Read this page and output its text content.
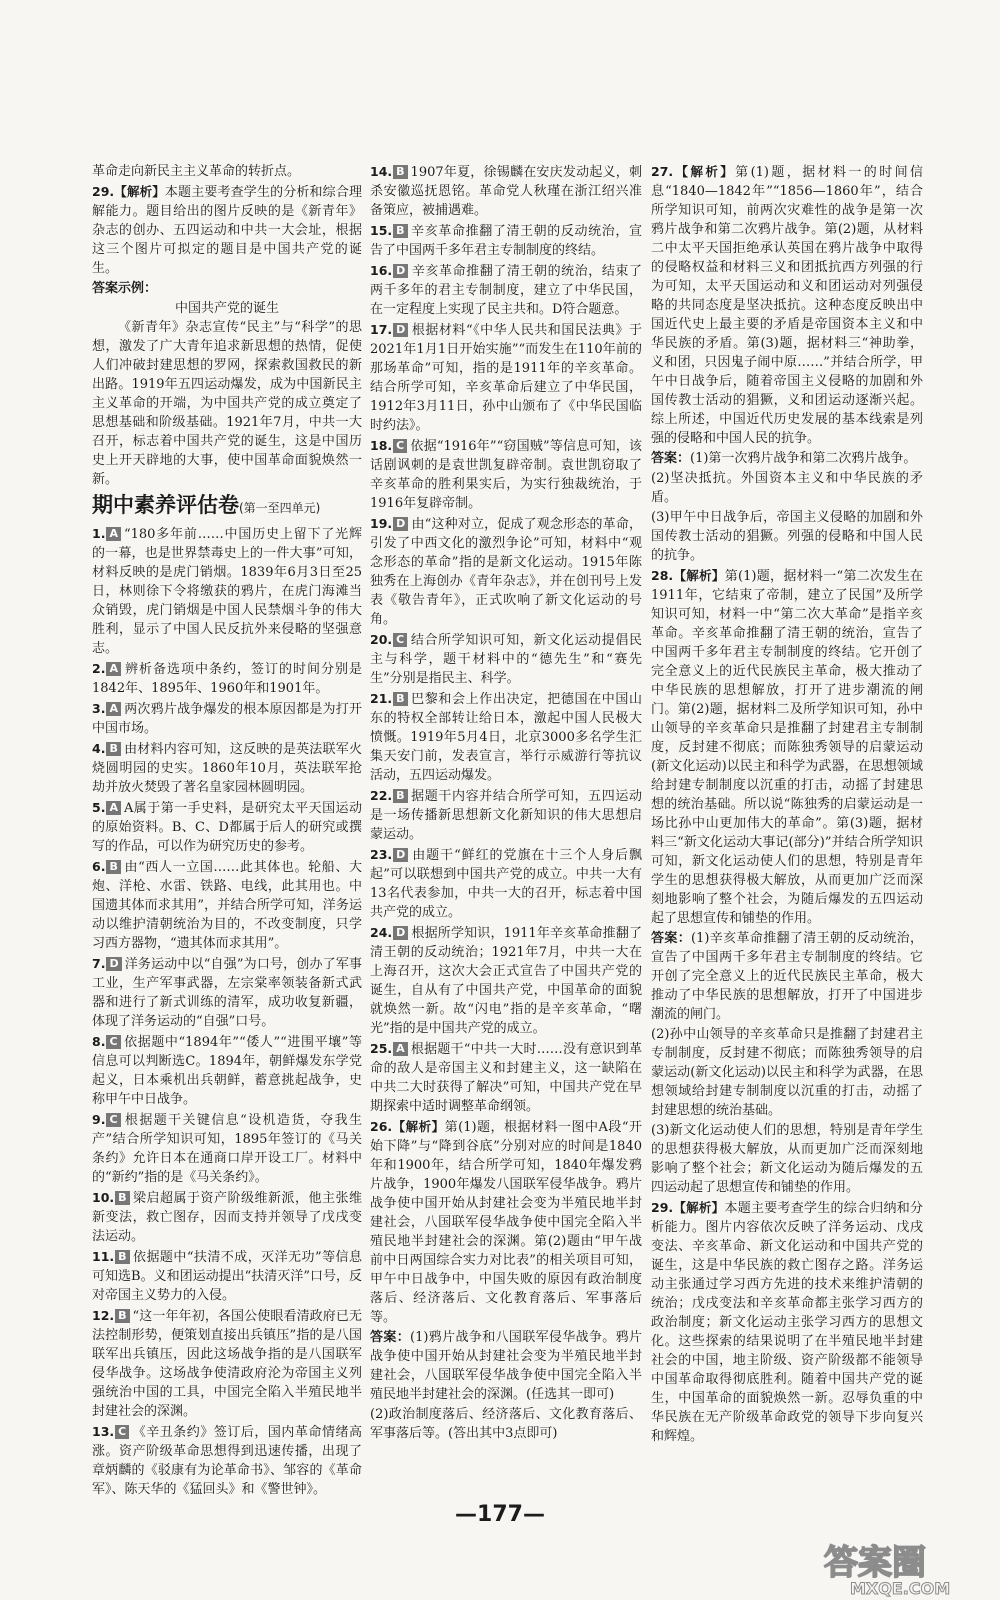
革命走向新民主主义革命的转折点。

29.【解析】本题主要考查学生的分析和综合理解能力。题目给出的图片反映的是《新青年》杂志的创办、五四运动和中共一大会址，根据这三个图片可拟定的题目是中国共产党的诞生。

答案示例：

中国共产党的诞生

《新青年》杂志宣传“民主”与“科学”的思想，激发了广大青年追求新思想的热情，促使人们冲破封建思想的罗网，探索救国救民的新出路。1919年五四运动爆发，成为中国新民主主义革命的开端，为中国共产党的成立奠定了思想基础和阶级基础。1921年7月，中共一大召开，标志着中国共产党的诞生，这是中国历史上开天辟地的大事，使中国革命面貌焕然一新。

期中素养评估卷(第一至四单元)

1. A “180多年前……中国历史上留下了光辉的一幕，也是世界禁毒史上的一件大事”可知，材料反映的是虎门销烟。1839年6月3日至25日，林则徐下令将缴获的鸦片，在虎门海滩当众销毁，虎门销烟是中国人民禁烟斗争的伟大胜利，显示了中国人民反抗外来侵略的坚强意志。

2. A 辨析备选项中条约，签订的时间分别是1842年、1895年、1960年和1901年。

3. A 两次鸦片战争爆发的根本原因都是为打开中国市场。

4. B 由材料内容可知，这反映的是英法联军火烧圆明园的史实。1860年10月，英法联军抢劫并放火焚毁了著名皇家园林圆明园。

5. A A属于第一手史料，是研究太平天国运动的原始资料。B、C、D都属于后人的研究或撰写的作品，可以作为研究历史的参考。

6. B 由“西人一立国……此其体也。轮船、大炮、洋枪、水雷、铁路、电线，此其用也。中国遗其体而求其用”，并结合所学可知，洋务运动以维护清朝统治为目的，不改变制度，只学习西方器物，“遗其体而求其用”。

7. D 洋务运动中以“自强”为口号，创办了军事工业，生产军事武器，左宗棠率领装备新式武器和进行了新式训练的清军，成功收复新疆，体现了洋务运动的“自强”口号。

8. C 依据题中“1894年”“倭人”“进围平壤”等信息可以判断选C。1894年，朝鲜爆发东学党起义，日本乘机出兵朝鲜，蓄意挑起战争，史称甲午中日战争。

9. C 根据题干关键信息“设机造货，夺我生产”结合所学知识可知，1895年签订的《马关条约》允许日本在通商口岸开设工厂。材料中的“新约”指的是《马关条约》。

10. B 梁启超属于资产阶级维新派，他主张维新变法，救亡图存，因而支持并领导了戊戌变法运动。

11. B 依据题中“扶清不成，灭洋无功”等信息可知选B。义和团运动提出“扶清灭洋”口号，反对帝国主义势力的入侵。

12. B “这一年年初，各国公使眼看清政府已无法控制形势，便策划直接出兵镇压”指的是八国联军出兵镇压，因此这场战争指的是八国联军侵华战争。这场战争使清政府沦为帝国主义列强统治中国的工具，中国完全陷入半殖民地半封建社会的深渊。

13. C 《辛丑条约》签订后，国内革命情绪高涨。资产阶级革命思想得到迅速传播，出现了章炳麟的《驳康有为论革命书》、邹容的《革命军》、陈天华的《猛回头》和《警世钟》。

14. B 1907年夏，徐锡麟在安庆发动起义，刺杀安徽巡抚恩铭。革命党人秋瑾在浙江绍兴准备策应，被捕遇难。

15. B 辛亥革命推翻了清王朝的反动统治，宣告了中国两千多年君主专制制度的终结。

16. D 辛亥革命推翻了清王朝的统治，结束了两千多年的君主专制制度，建立了中华民国，在一定程度上实现了民主共和。D符合题意。

17. D 根据材料“《中华人民共和国民法典》于2021年1月1日开始实施”“而发生在110年前的那场革命”可知，指的是1911年的辛亥革命。结合所学可知，辛亥革命后建立了中华民国，1912年3月11日，孙中山颁布了《中华民国临时约法》。

18. C 依据“1916年”“窃国贼”等信息可知，该话剧讽刺的是袁世凯复辟帝制。袁世凯窃取了辛亥革命的胜利果实后，为实行独裁统治，于1916年复辟帝制。

19. D 由“这种对立，促成了观念形态的革命，引发了中西文化的激烈争论”可知，材料中“观念形态的革命”指的是新文化运动。1915年陈独秀在上海创办《青年杂志》，并在创刊号上发表《敬告青年》，正式吹响了新文化运动的号角。

20. C 结合所学知识可知，新文化运动提倡民主与科学，题干材料中的“德先生”和“赛先生”分别是指民主、科学。

21. B 巴黎和会上作出决定，把德国在中国山东的特权全部转让给日本，激起中国人民极大愤慨。1919年5月4日，北京3000多名学生汇集天安门前，发表宣言，举行示威游行等抗议活动，五四运动爆发。

22. B 据题干内容并结合所学可知，五四运动是一场传播新思想新文化新知识的伟大思想启蒙运动。

23. D 由题干“鲜红的党旗在十三个人身后飘起”可以联想到中国共产党的成立。中共一大有13名代表参加，中共一大的召开，标志着中国共产党的成立。

24. D 根据所学知识，1911年辛亥革命推翻了清王朝的反动统治；1921年7月，中共一大在上海召开，这次大会正式宣告了中国共产党的诞生，自从有了中国共产党，中国革命的面貌就焕然一新。故“闪电”指的是辛亥革命，“曙光”指的是中国共产党的成立。

25. A 根据题干“中共一大时……没有意识到革命的敌人是帝国主义和封建主义，这一缺陷在中共二大时获得了解决”可知，中国共产党在早期探索中适时调整革命纲领。

26.【解析】第(1)题，根据材料一图中A段“开始下降”与“降到谷底”分别对应的时间是1840年和1900年，结合所学可知，1840年爆发鸦片战争，1900年爆发八国联军侵华战争。鸦片战争使中国开始从封建社会变为半殖民地半封建社会，八国联军侵华战争使中国完全陷入半殖民地半封建社会的深渊。第(2)题由“甲午战前中日两国综合实力对比表”的相关项目可知，甲午中日战争中，中国失败的原因有政治制度落后、经济落后、文化教育落后、军事落后等。

答案：(1)鸦片战争和八国联军侵华战争。鸦片战争使中国开始从封建社会变为半殖民地半封建社会，八国联军侵华战争使中国完全陷入半殖民地半封建社会的深渊。(任选其一即可)

(2)政治制度落后、经济落后、文化教育落后、军事落后等。(答出其中3点即可)

27.【解析】第(1)题，据材料一的时间信息“1840—1842年”“1856—1860年”，结合所学知识可知，前两次灾难性的战争是第一次鸦片战争和第二次鸦片战争。第(2)题，从材料二中太平天国拒绝承认英国在鸦片战争中取得的侵略权益和材料三义和团抵抗西方列强的行为可知，太平天国运动和义和团运动对列强侵略的共同态度是坚决抵抗。这种态度反映出中国近代史上最主要的矛盾是帝国资本主义和中华民族的矛盾。第(3)题，据材料三“神助拳，义和团，只因鬼子闹中原……”并结合所学，甲午中日战争后，随着帝国主义侵略的加剧和外国传教士活动的猖獗，义和团运动逐渐兴起。综上所述，中国近代历史发展的基本线索是列强的侵略和中国人民的抗争。

答案：(1)第一次鸦片战争和第二次鸦片战争。

(2)坚决抵抗。外国资本主义和中华民族的矛盾。

(3)甲午中日战争后，帝国主义侵略的加剧和外国传教士活动的猖獗。列强的侵略和中国人民的抗争。

28.【解析】第(1)题，据材料一“第二次发生在1911年，它结束了帝制，建立了民国”及所学知识可知，材料一中“第二次大革命”是指辛亥革命。辛亥革命推翻了清王朝的统治，宣告了中国两千多年君主专制制度的终结。它开创了完全意义上的近代民族民主革命，极大推动了中华民族的思想解放，打开了进步潮流的闸门。第(2)题，据材料二及所学知识可知，孙中山领导的辛亥革命只是推翻了封建君主专制制度，反封建不彻底；而陈独秀领导的启蒙运动(新文化运动)以民主和科学为武器，在思想领域给封建专制制度以沉重的打击，动摇了封建思想的统治基础。所以说“陈独秀的启蒙运动是一场比孙中山更加伟大的革命”。第(3)题，据材料三“新文化运动大事记(部分)”并结合所学知识可知，新文化运动使人们的思想，特别是青年学生的思想获得极大解放，从而更加广泛而深刻地影响了整个社会，为随后爆发的五四运动起了思想宣传和铺垫的作用。

答案：(1)辛亥革命推翻了清王朝的反动统治，宣告了中国两千多年君主专制制度的终结。它开创了完全意义上的近代民族民主革命，极大推动了中华民族的思想解放，打开了中国进步潮流的闸门。

(2)孙中山领导的辛亥革命只是推翻了封建君主专制制度，反封建不彻底；而陈独秀领导的启蒙运动(新文化运动)以民主和科学为武器，在思想领域给封建专制制度以沉重的打击，动摇了封建思想的统治基础。

(3)新文化运动使人们的思想，特别是青年学生的思想获得极大解放，从而更加广泛而深刻地影响了整个社会；新文化运动为随后爆发的五四运动起了思想宣传和铺垫的作用。

29.【解析】本题主要考查学生的综合归纳和分析能力。图片内容依次反映了洋务运动、戊戌变法、辛亥革命、新文化运动和中国共产党的诞生，这是中华民族的救亡图存之路。洋务运动主张通过学习西方先进的技术来维护清朝的统治；戊戌变法和辛亥革命都主张学习西方的政治制度；新文化运动主张学习西方的思想文化。这些探索的结果说明了在半殖民地半封建社会的中国，地主阶级、资产阶级都不能领导中国革命取得彻底胜利。随着中国共产党的诞生，中国革命的面貌焕然一新。忍辱负重的中华民族在无产阶级革命政党的领导下步向复兴和辉煌。

—177—
答案圈
MXQE.COM
